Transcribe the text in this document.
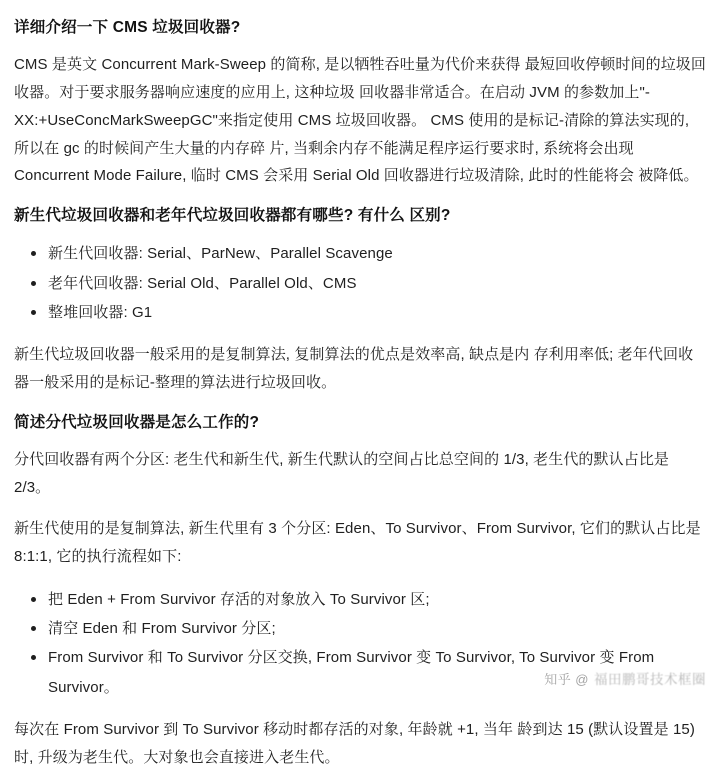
详细介绍一下 CMS 垃圾回收器?

CMS 是英文 Concurrent Mark-Sweep 的简称, 是以牺牲吞吐量为代价来获得 最短回收停顿时间的垃圾回收器。对于要求服务器响应速度的应用上, 这种垃圾 回收器非常适合。在启动 JVM 的参数加上"-XX:+UseConcMarkSweepGC"来指定使用 CMS 垃圾回收器。 CMS 使用的是标记-清除的算法实现的, 所以在 gc 的时候间产生大量的内存碎 片, 当剩余内存不能满足程序运行要求时, 系统将会出现 Concurrent Mode Failure, 临时 CMS 会采用 Serial Old 回收器进行垃圾清除, 此时的性能将会 被降低。

新生代垃圾回收器和老年代垃圾回收器都有哪些? 有什么 区别?
新生代回收器: Serial、ParNew、Parallel Scavenge
老年代回收器: Serial Old、Parallel Old、CMS
整堆回收器: G1

新生代垃圾回收器一般采用的是复制算法, 复制算法的优点是效率高, 缺点是内 存利用率低; 老年代回收器一般采用的是标记-整理的算法进行垃圾回收。

简述分代垃圾回收器是怎么工作的?

分代回收器有两个分区: 老生代和新生代, 新生代默认的空间占比总空间的 1/3, 老生代的默认占比是 2/3。

新生代使用的是复制算法, 新生代里有 3 个分区: Eden、To Survivor、From Survivor, 它们的默认占比是 8:1:1, 它的执行流程如下:

把 Eden + From Survivor 存活的对象放入 To Survivor 区;
清空 Eden 和 From Survivor 分区;
From Survivor 和 To Survivor 分区交换, From Survivor 变 To Survivor, To Survivor 变 From Survivor。

每次在 From Survivor 到 To Survivor 移动时都存活的对象, 年龄就 +1, 当年 龄到达 15 (默认设置是 15) 时, 升级为老生代。大对象也会直接进入老生代。

知乎 @ 福田鹏哥技术框圈
